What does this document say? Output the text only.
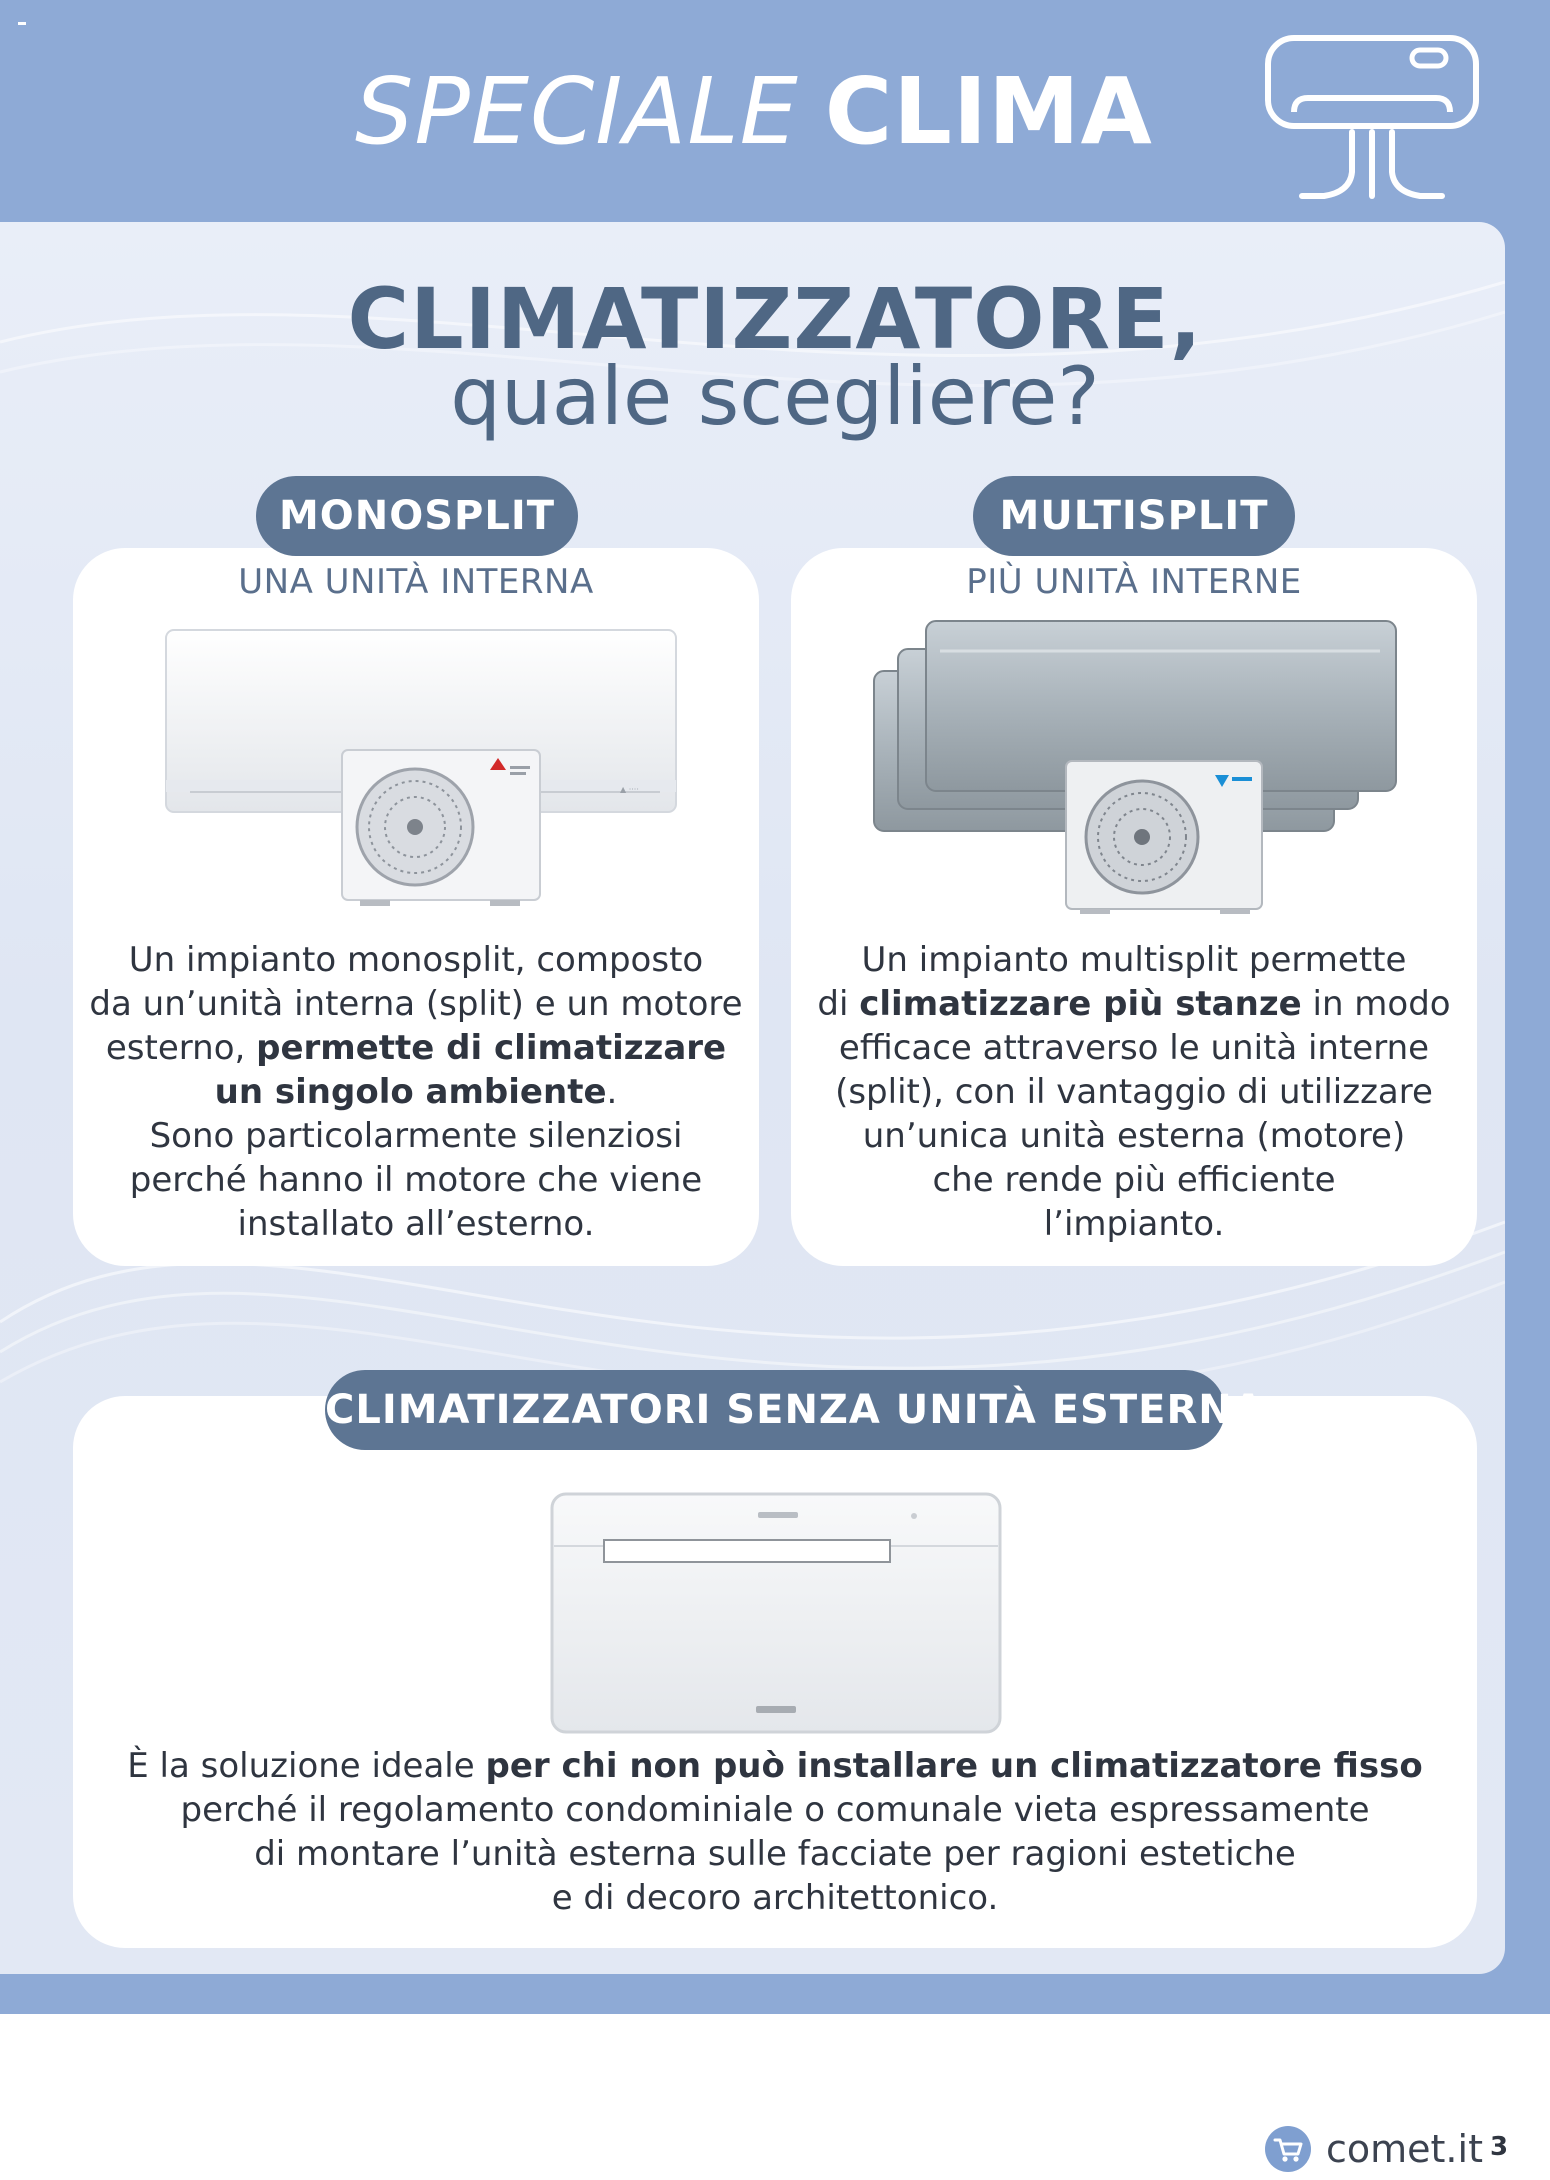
SPECIALE CLIMA
CLIMATIZZATORE,
quale scegliere?
MONOSPLIT	MULTISPLIT
CLIMATIZZATORI SENZA UNITÀ ESTERNA
UNA UNITÀ INTERNA	PIÙ UNITÀ INTERNE
▲ ····
Un impianto monosplit, composto
da un’unità interna (split) e un motore
esterno, permette di climatizzare
un singolo ambiente.
Sono particolarmente silenziosi
perché hanno il motore che viene
installato all’esterno.
Un impianto multisplit permette
di climatizzare più stanze in modo
efficace attraverso le unità interne
(split), con il vantaggio di utilizzare
un’unica unità esterna (motore)
che rende più efficiente
l’impianto.
È la soluzione ideale per chi non può installare un climatizzatore fisso
perché il regolamento condominiale o comunale vieta espressamente
di montare l’unità esterna sulle facciate per ragioni estetiche
e di decoro architettonico.
comet.it 3
